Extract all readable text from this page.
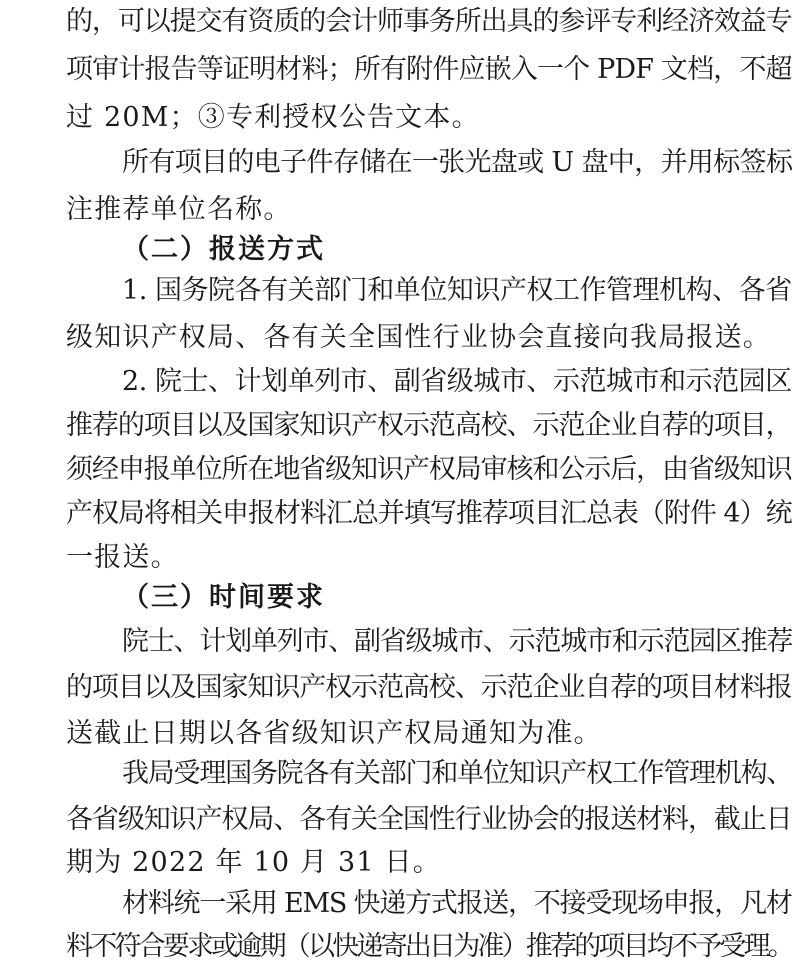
的，可以提交有资质的会计师事务所出具的参评专利经济效益专
项审计报告等证明材料；所有附件应嵌入一个 PDF 文档，不超
过 20M；③专利授权公告文本。
所有项目的电子件存储在一张光盘或 U 盘中，并用标签标
注推荐单位名称。
（二）报送方式
1. 国务院各有关部门和单位知识产权工作管理机构、各省
级知识产权局、各有关全国性行业协会直接向我局报送。
2. 院士、计划单列市、副省级城市、示范城市和示范园区
推荐的项目以及国家知识产权示范高校、示范企业自荐的项目，
须经申报单位所在地省级知识产权局审核和公示后，由省级知识
产权局将相关申报材料汇总并填写推荐项目汇总表（附件 4）统
一报送。
（三）时间要求
院士、计划单列市、副省级城市、示范城市和示范园区推荐
的项目以及国家知识产权示范高校、示范企业自荐的项目材料报
送截止日期以各省级知识产权局通知为准。
我局受理国务院各有关部门和单位知识产权工作管理机构、
各省级知识产权局、各有关全国性行业协会的报送材料，截止日
期为 2022 年 10 月 31 日。
材料统一采用 EMS 快递方式报送，不接受现场申报，凡材
料不符合要求或逾期（以快递寄出日为准）推荐的项目均不予受理。
